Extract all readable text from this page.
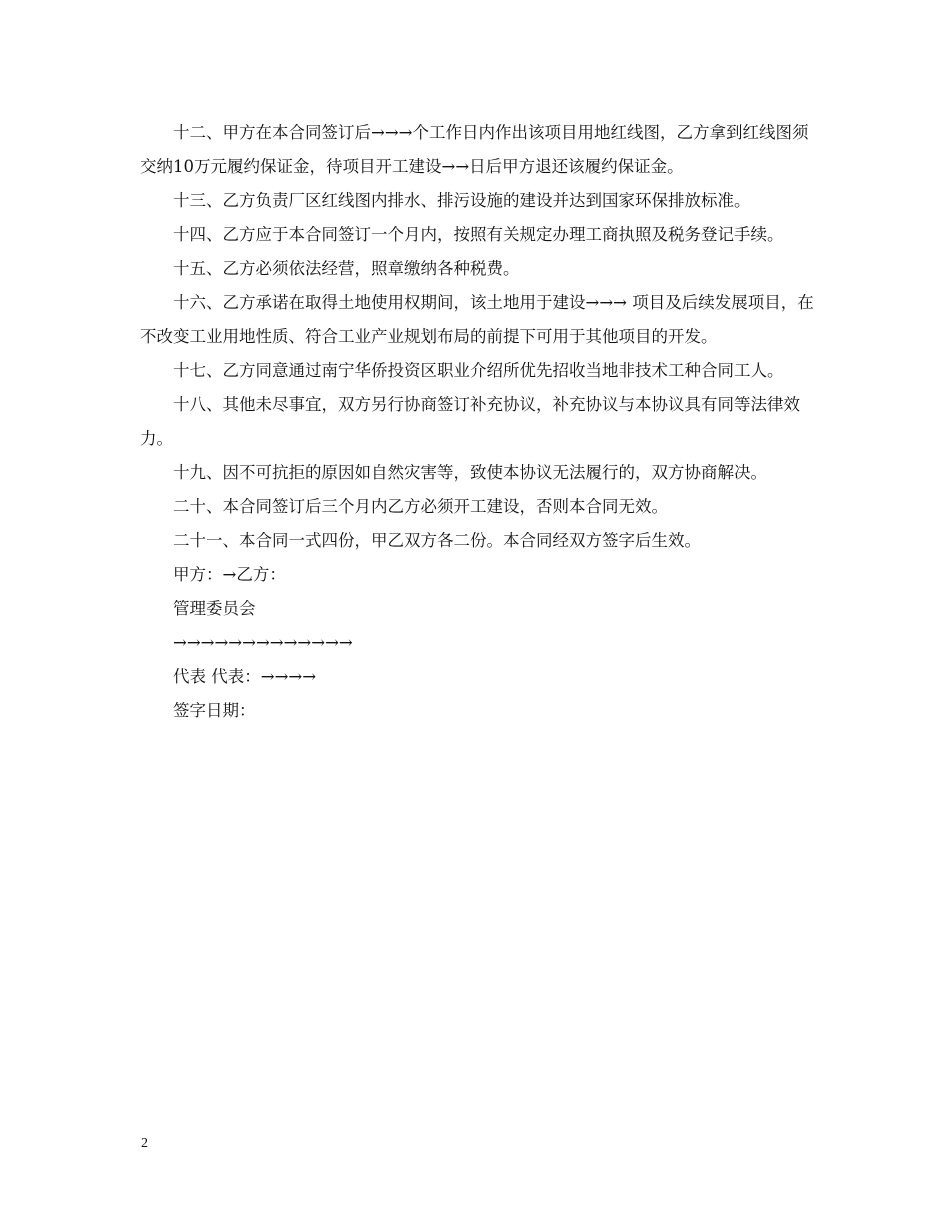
十二、甲方在本合同签订后→→→个工作日内作出该项目用地红线图，乙方拿到红线图须交纳10万元履约保证金，待项目开工建设→→日后甲方退还该履约保证金。

十三、乙方负责厂区红线图内排水、排污设施的建设并达到国家环保排放标准。

十四、乙方应于本合同签订一个月内，按照有关规定办理工商执照及税务登记手续。

十五、乙方必须依法经营，照章缴纳各种税费。

十六、乙方承诺在取得土地使用权期间，该土地用于建设→→→ 项目及后续发展项目，在不改变工业用地性质、符合工业产业规划布局的前提下可用于其他项目的开发。

十七、乙方同意通过南宁华侨投资区职业介绍所优先招收当地非技术工种合同工人。

十八、其他未尽事宜，双方另行协商签订补充协议，补充协议与本协议具有同等法律效力。

十九、因不可抗拒的原因如自然灾害等，致使本协议无法履行的，双方协商解决。

二十、本合同签订后三个月内乙方必须开工建设，否则本合同无效。

二十一、本合同一式四份，甲乙双方各二份。本合同经双方签字后生效。

甲方：→乙方：

管理委员会

→→→→→→→→→→→→→

代表 代表：→→→→

签字日期：

2
